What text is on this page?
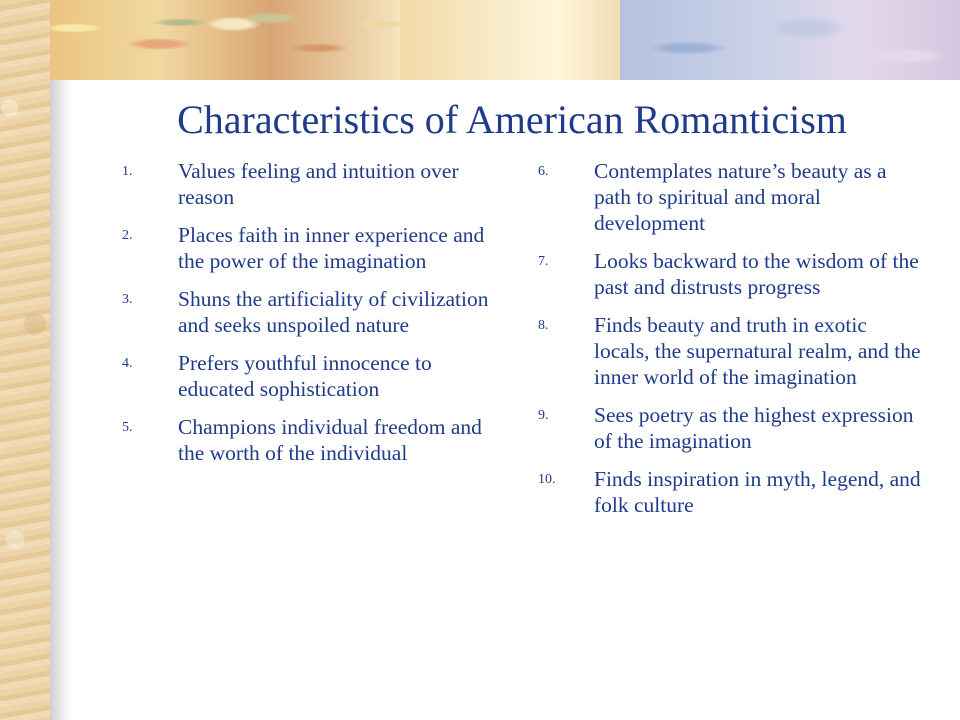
Characteristics of American Romanticism
1.	Values feeling and intuition over reason
2.	Places faith in inner experience and the power of the imagination
3.	Shuns the artificiality of civilization and seeks unspoiled nature
4.	Prefers youthful innocence to educated sophistication
5.	Champions individual freedom and the worth of the individual
6.	Contemplates nature’s beauty as a path to spiritual and moral development
7.	Looks backward to the wisdom of the past and distrusts progress
8.	Finds beauty and truth in exotic locals, the supernatural realm, and the inner world of the imagination
9.	Sees poetry as the highest expression of the imagination
10.	Finds inspiration in myth, legend, and folk culture
